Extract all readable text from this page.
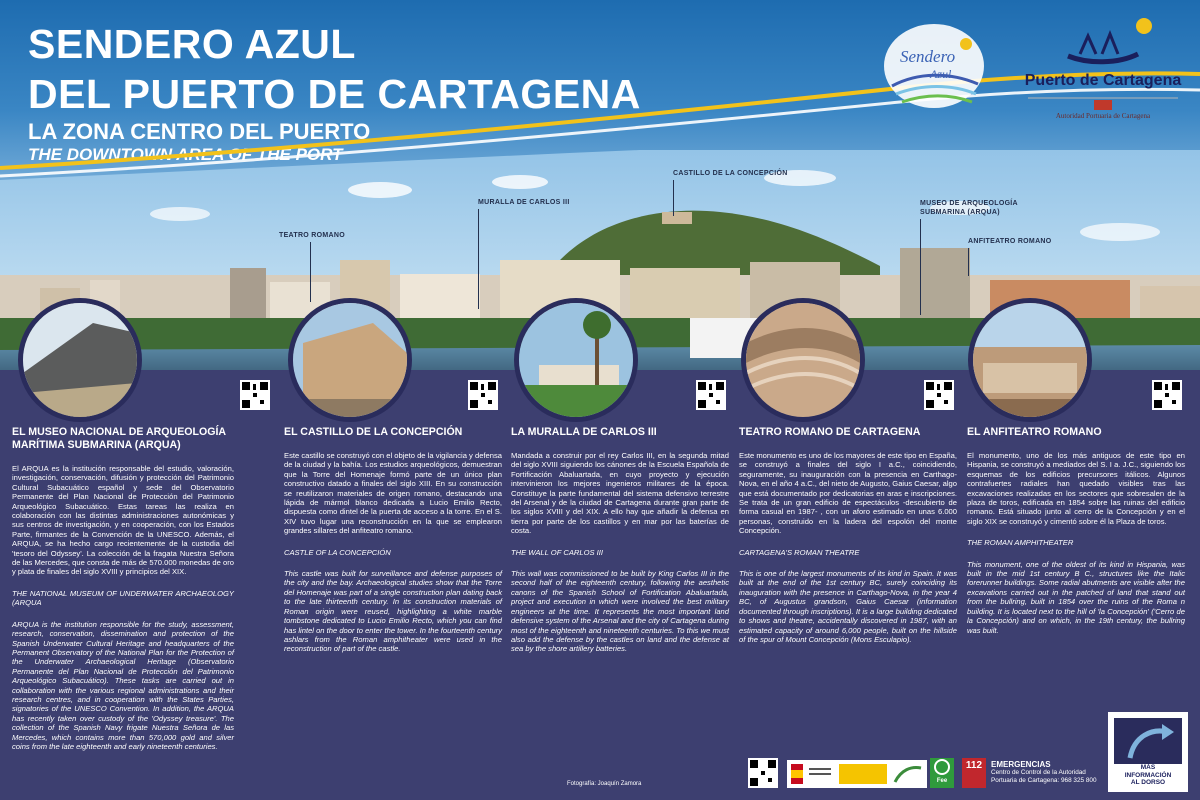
SENDERO AZUL
DEL PUERTO DE CARTAGENA
LA ZONA CENTRO DEL PUERTO
THE DOWNTOWN AREA OF THE PORT
Sendero
Azul	Puerto de Cartagena
Autoridad Portuaria de Cartagena
TEATRO ROMANO
MURALLA DE CARLOS III
CASTILLO DE LA CONCEPCIÓN
MUSEO DE ARQUEOLOGÍA
SUBMARINA (ARQUA)
ANFITEATRO ROMANO
EL MUSEO NACIONAL DE ARQUEOLOGÍA MARÍTIMA SUBMARINA (ARQUA)

El ARQUA es la institución responsable del estudio, valoración, investigación, conservación, difusión y protección del Patrimonio Cultural Subacuático español y sede del Observatorio Permanente del Plan Nacional de Protección del Patrimonio Arqueológico Subacuático. Estas tareas las realiza en colaboración con las distintas administraciones autonómicas y sus centros de investigación, y en cooperación, con los Estados Parte, firmantes de la Convención de la UNESCO. Además, el ARQUA, se ha hecho cargo recientemente de la custodia del 'tesoro del Odyssey'. La colección de la fragata Nuestra Señora de las Mercedes, que consta de más de 570.000 monedas de oro y plata de finales del siglo XVIII y principios del XIX.

THE NATIONAL MUSEUM OF UNDERWATER ARCHAEOLOGY (ARQUA

ARQUA is the institution responsible for the study, assessment, research, conservation, dissemination and protection of the Spanish Underwater Cultural Heritage and headquarters of the Permanent Observatory of the National Plan for the Protection of the Underwater Archaeological Heritage (Observatorio Permanente del Plan Nacional de Protección del Patrimonio Arqueológico Subacuático). These tasks are carried out in collaboration with the various regional administrations and their research centres, and in cooperation with the States Parties, signatories of the UNESCO Convention. In addition, the ARQUA has recently taken over custody of the 'Odyssey treasure'. The collection of the Spanish Navy frigate Nuestra Señora de las Mercedes, which contains more than 570,000 gold and silver coins from the late eighteenth and early nineteenth centuries.

EL CASTILLO DE LA CONCEPCIÓN

Este castillo se construyó con el objeto de la vigilancia y defensa de la ciudad y la bahía. Los estudios arqueológicos, demuestran que la Torre del Homenaje formó parte de un único plan constructivo datado a finales del siglo XIII. En su construcción se reutilizaron materiales de origen romano, destacando una lápida de mármol blanco dedicada a Lucio Emilio Recto, dispuesta como dintel de la puerta de acceso a la torre. En el S. XIV tuvo lugar una reconstrucción en la que se emplearon grandes sillares del anfiteatro romano.

CASTLE OF LA CONCEPCIÓN

This castle was built for surveillance and defense purposes of the city and the bay. Archaeological studies show that the Torre del Homenaje was part of a single construction plan dating back to the late thirteenth century. In its construction materials of Roman origin were reused, highlighting a white marble tombstone dedicated to Lucio Emilio Recto, which you can find has lintel on the door to enter the tower. In the fourteenth century ashlars from the Roman amphitheater were used in the reconstruction of part of the castle.

LA MURALLA DE CARLOS III

Mandada a construir por el rey Carlos III, en la segunda mitad del siglo XVIII siguiendo los cánones de la Escuela Española de Fortificación Abaluartada, en cuyo proyecto y ejecución intervinieron los mejores ingenieros militares de la época. Constituye la parte fundamental del sistema defensivo terrestre del Arsenal y de la ciudad de Cartagena durante gran parte de los siglos XVIII y del XIX. A ello hay que añadir la defensa en tierra por parte de los castillos y en mar por las baterías de costa.

THE WALL OF CARLOS III

This wall was commissioned to be built by King Carlos III in the second half of the eighteenth century, following the aesthetic canons of the Spanish School of Fortification Abaluartada, project and execution in which were involved the best military engineers at the time. It represents the most important land defensive system of the Arsenal and the city of Cartagena during most of the eighteenth and nineteenth centuries. To this we must also add the defense by the castles on land and the defense at sea by the shore artillery batteries.

TEATRO ROMANO DE CARTAGENA

Este monumento es uno de los mayores de este tipo en España, se construyó a finales del siglo I a.C., coincidiendo, seguramente, su inauguración con la presencia en Carthago-Nova, en el año 4 a.C., del nieto de Augusto, Gaius Caesar, algo que está documentado por dedicatorias en aras e inscripciones. Se trata de un gran edificio de espectáculos -descubierto de forma casual en 1987- , con un aforo estimado en unas 6.000 personas, construido en la ladera del espolón del monte Concepción.

CARTAGENA'S ROMAN THEATRE

This is one of the largest monuments of its kind in Spain. It was built at the end of the 1st century BC, surely coinciding its inauguration with the presence in Carthago-Nova, in the year 4 BC, of Augustus grandson, Gaius Caesar (information documented through inscriptions). It is a large building dedicated to shows and theatre, accidentally discovered in 1987, with an estimated capacity of around 6,000 people, built on the hillside of the spur of Mount Concepción (Mons Esculapio).

EL ANFITEATRO ROMANO

El monumento, uno de los más antiguos de este tipo en Hispania, se construyó a mediados del S. I a. J.C., siguiendo los esquemas de los edificios precursores itálicos. Algunos contrafuertes radiales han quedado visibles tras las excavaciones realizadas en los sectores que sobresalen de la plaza de toros, edificada en 1854 sobre las ruinas del edificio romano. Está situado junto al cerro de la Concepción y en el siglo XIX se construyó y cimentó sobre él la Plaza de toros.

THE ROMAN AMPHITHEATER

This monument, one of the oldest of its kind in Hispania, was built in the mid 1st century B C., structures like the Italic forerunner buildings. Some radial abutments are visible after the excavations carried out in the patched of land that stand out from the bullring, built in 1854 over the ruins of the Roma n building. It is located next to the hill of 'la Concepción' ('Cerro de la Concepción) and on which, in the 19th century, the bullring was built.

Fotografía: Joaquín Zamora	Fee
112	EMERGENCIAS
Centro de Control de la Autoridad
Portuaria de Cartagena: 968 325 800
MÁS
INFORMACIÓN
AL DORSO
